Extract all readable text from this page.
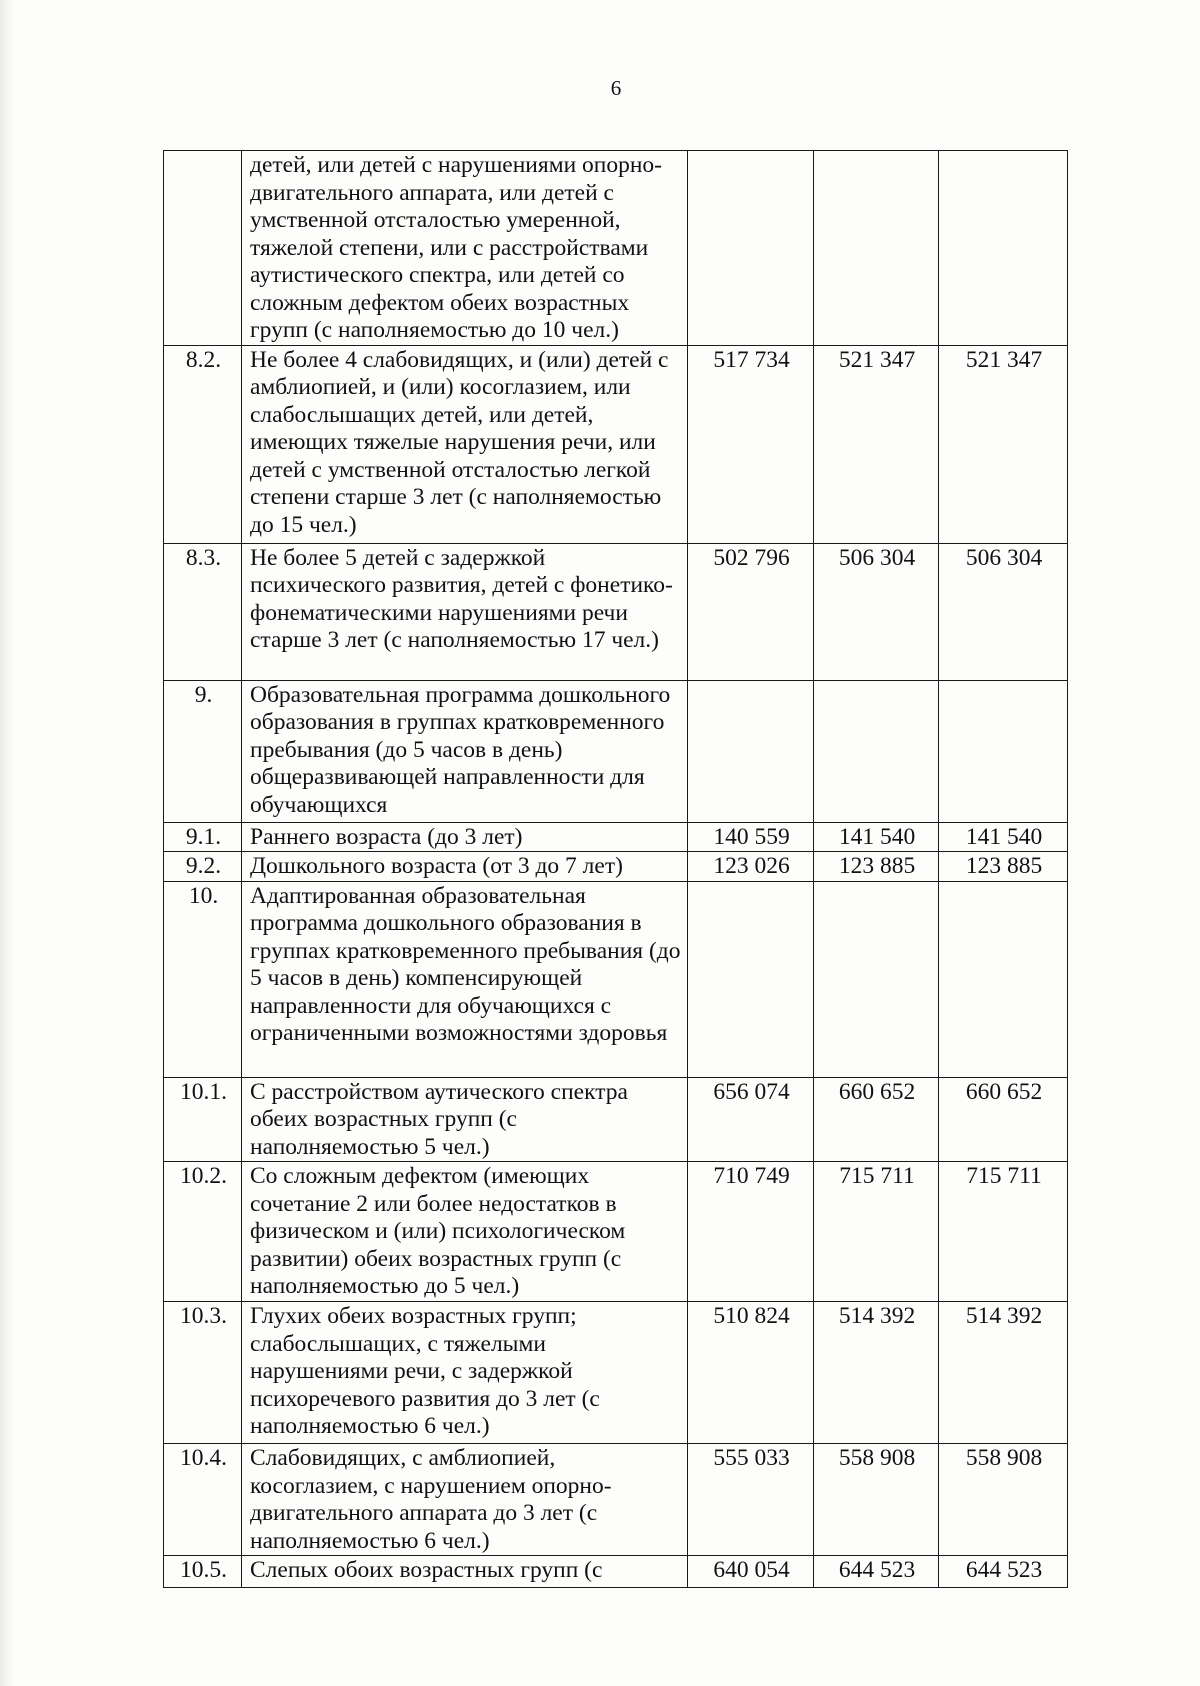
6
	детей, или детей с нарушениями опорно-двигательного аппарата, или детей с умственной отсталостью умеренной, тяжелой степени, или с расстройствами аутистического спектра, или детей со сложным дефектом обеих возрастных групп (с наполняемостью до 10 чел.)			
8.2.	Не более 4 слабовидящих, и (или) детей с амблиопией, и (или) косоглазием, или слабослышащих детей, или детей, имеющих тяжелые нарушения речи, или детей с умственной отсталостью легкой степени старше 3 лет (с наполняемостью до 15 чел.)	517 734	521 347	521 347
8.3.	Не более 5 детей с задержкой психического развития, детей с фонетико-фонематическими нарушениями речи старше 3 лет (с наполняемостью 17 чел.)	502 796	506 304	506 304
9.	Образовательная программа дошкольного образования в группах кратковременного пребывания (до 5 часов в день) общеразвивающей направленности для обучающихся			
9.1.	Раннего возраста (до 3 лет)	140 559	141 540	141 540
9.2.	Дошкольного возраста (от 3 до 7 лет)	123 026	123 885	123 885
10.	Адаптированная образовательная программа дошкольного образования в группах кратковременного пребывания (до 5 часов в день) компенсирующей направленности для обучающихся с ограниченными возможностями здоровья			
10.1.	С расстройством аутического спектра обеих возрастных групп (с наполняемостью 5 чел.)	656 074	660 652	660 652
10.2.	Со сложным дефектом (имеющих сочетание 2 или более недостатков в физическом и (или) психологическом развитии) обеих возрастных групп (с наполняемостью до 5 чел.)	710 749	715 711	715 711
10.3.	Глухих обеих возрастных групп; слабослышащих, с тяжелыми нарушениями речи, с задержкой психоречевого развития до 3 лет (с наполняемостью 6 чел.)	510 824	514 392	514 392
10.4.	Слабовидящих, с амблиопией, косоглазием, с нарушением опорно-двигательного аппарата до 3 лет (с наполняемостью 6 чел.)	555 033	558 908	558 908
10.5.	Слепых обоих возрастных групп (с	640 054	644 523	644 523
